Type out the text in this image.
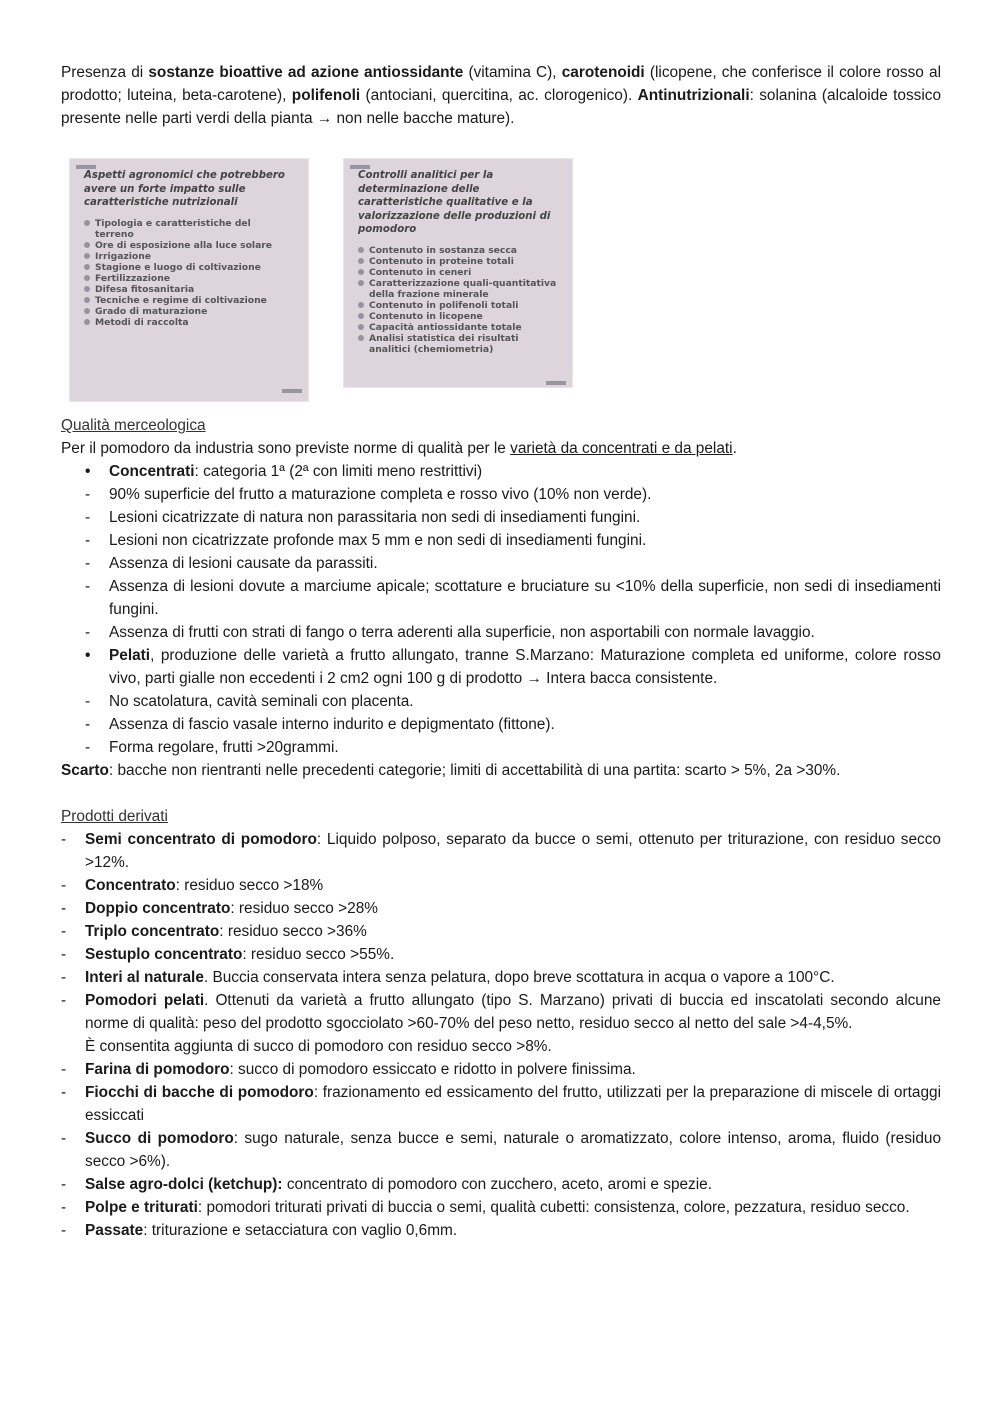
Presenza di sostanze bioattive ad azione antiossidante (vitamina C), carotenoidi (licopene, che conferisce il colore rosso al prodotto; luteina, beta-carotene), polifenoli (antociani, quercitina, ac. clorogenico). Antinutrizionali: solanina (alcaloide tossico presente nelle parti verdi della pianta → non nelle bacche mature).

Aspetti agronomici che potrebbero avere un forte impatto sulle caratteristiche nutrizionali
Tipologia e caratteristiche del terreno
Ore di esposizione alla luce solare
Irrigazione
Stagione e luogo di coltivazione
Fertilizzazione
Difesa fitosanitaria
Tecniche e regime di coltivazione
Grado di maturazione
Metodi di raccolta
Controlli analitici per la determinazione delle caratteristiche qualitative e la valorizzazione delle produzioni di pomodoro
Contenuto in sostanza secca
Contenuto in proteine totali
Contenuto in ceneri
Caratterizzazione quali-quantitativa della frazione minerale
Contenuto in polifenoli totali
Contenuto in licopene
Capacità antiossidante totale
Analisi statistica dei risultati analitici (chemiometria)
Qualità merceologica

Per il pomodoro da industria sono previste norme di qualità per le varietà da concentrati e da pelati.

• Concentrati: categoria 1ª (2ª con limiti meno restrittivi)
- 90% superficie del frutto a maturazione completa e rosso vivo (10% non verde).
- Lesioni cicatrizzate di natura non parassitaria non sedi di insediamenti fungini.
- Lesioni non cicatrizzate profonde max 5 mm e non sedi di insediamenti fungini.
- Assenza di lesioni causate da parassiti.
- Assenza di lesioni dovute a marciume apicale; scottature e bruciature su <10% della superficie, non sedi di insediamenti fungini.
- Assenza di frutti con strati di fango o terra aderenti alla superficie, non asportabili con normale lavaggio.
• Pelati, produzione delle varietà a frutto allungato, tranne S.Marzano: Maturazione completa ed uniforme, colore rosso vivo, parti gialle non eccedenti i 2 cm2 ogni 100 g di prodotto → Intera bacca consistente.
- No scatolatura, cavità seminali con placenta.
- Assenza di fascio vasale interno indurito e depigmentato (fittone).
- Forma regolare, frutti >20grammi.

Scarto: bacche non rientranti nelle precedenti categorie; limiti di accettabilità di una partita: scarto > 5%, 2a >30%.

Prodotti derivati
- Semi concentrato di pomodoro: Liquido polposo, separato da bucce o semi, ottenuto per triturazione, con residuo secco >12%.
- Concentrato: residuo secco >18%
- Doppio concentrato: residuo secco >28%
- Triplo concentrato: residuo secco >36%
- Sestuplo concentrato: residuo secco >55%.
- Interi al naturale. Buccia conservata intera senza pelatura, dopo breve scottatura in acqua o vapore a 100°C.
- Pomodori pelati. Ottenuti da varietà a frutto allungato (tipo S. Marzano) privati di buccia ed inscatolati secondo alcune norme di qualità: peso del prodotto sgocciolato >60-70% del peso netto, residuo secco al netto del sale >4-4,5%.
È consentita aggiunta di succo di pomodoro con residuo secco >8%.
- Farina di pomodoro: succo di pomodoro essiccato e ridotto in polvere finissima.
- Fiocchi di bacche di pomodoro: frazionamento ed essicamento del frutto, utilizzati per la preparazione di miscele di ortaggi essiccati
- Succo di pomodoro: sugo naturale, senza bucce e semi, naturale o aromatizzato, colore intenso, aroma, fluido (residuo secco >6%).
- Salse agro-dolci (ketchup): concentrato di pomodoro con zucchero, aceto, aromi e spezie.
- Polpe e triturati: pomodori triturati privati di buccia o semi, qualità cubetti: consistenza, colore, pezzatura, residuo secco.
- Passate: triturazione e setacciatura con vaglio 0,6mm.
